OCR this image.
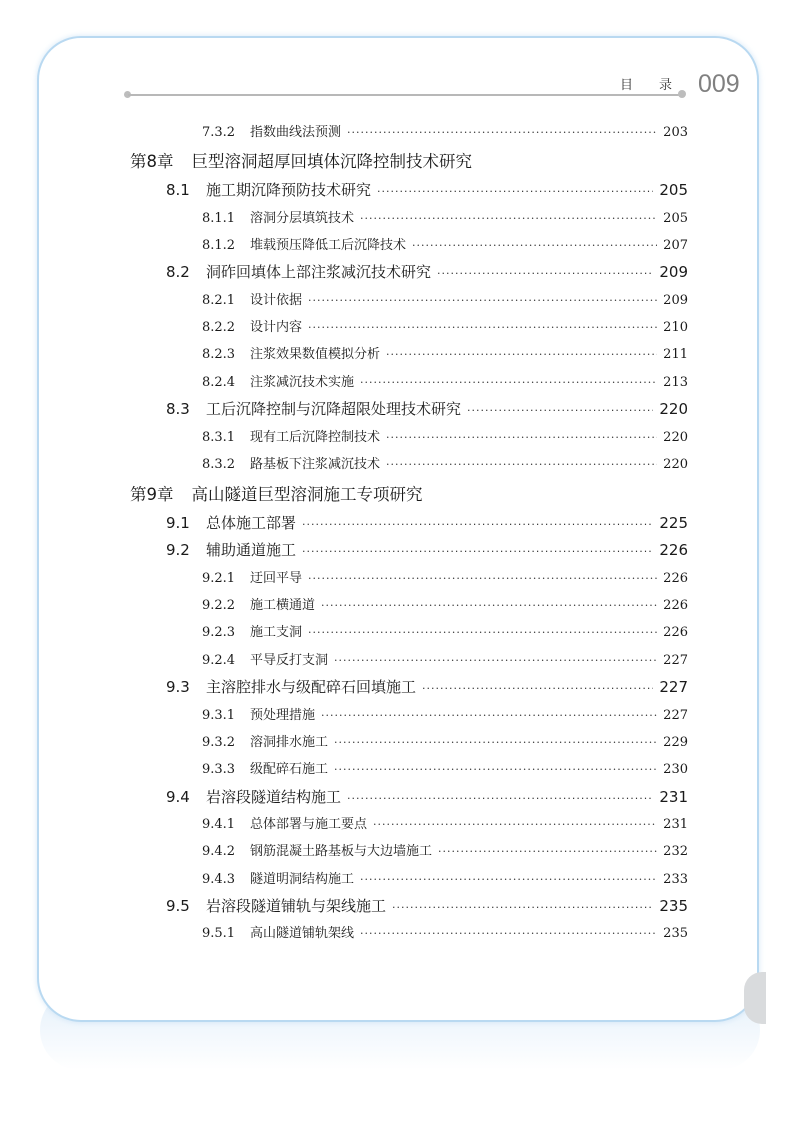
目录 009
7.3.2	指数曲线法预测 ·····	203
第8章 巨型溶洞超厚回填体沉降控制技术研究
8.1	施工期沉降预防技术研究 ·····	205
8.1.1	溶洞分层填筑技术 ·····	205
8.1.2	堆载预压降低工后沉降技术 ·····	207
8.2	洞砟回填体上部注浆减沉技术研究 ·····	209
8.2.1	设计依据 ·····	209
8.2.2	设计内容 ·····	210
8.2.3	注浆效果数值模拟分析 ·····	211
8.2.4	注浆减沉技术实施 ·····	213
8.3	工后沉降控制与沉降超限处理技术研究 ·····	220
8.3.1	现有工后沉降控制技术 ·····	220
8.3.2	路基板下注浆减沉技术 ·····	220
第9章 高山隧道巨型溶洞施工专项研究
9.1	总体施工部署 ·····	225
9.2	辅助通道施工 ·····	226
9.2.1	迂回平导 ·····	226
9.2.2	施工横通道 ·····	226
9.2.3	施工支洞 ·····	226
9.2.4	平导反打支洞 ·····	227
9.3	主溶腔排水与级配碎石回填施工 ·····	227
9.3.1	预处理措施 ·····	227
9.3.2	溶洞排水施工 ·····	229
9.3.3	级配碎石施工 ·····	230
9.4	岩溶段隧道结构施工 ·····	231
9.4.1	总体部署与施工要点 ·····	231
9.4.2	钢筋混凝土路基板与大边墙施工 ·····	232
9.4.3	隧道明洞结构施工 ·····	233
9.5	岩溶段隧道铺轨与架线施工 ·····	235
9.5.1	高山隧道铺轨架线 ·····	235
